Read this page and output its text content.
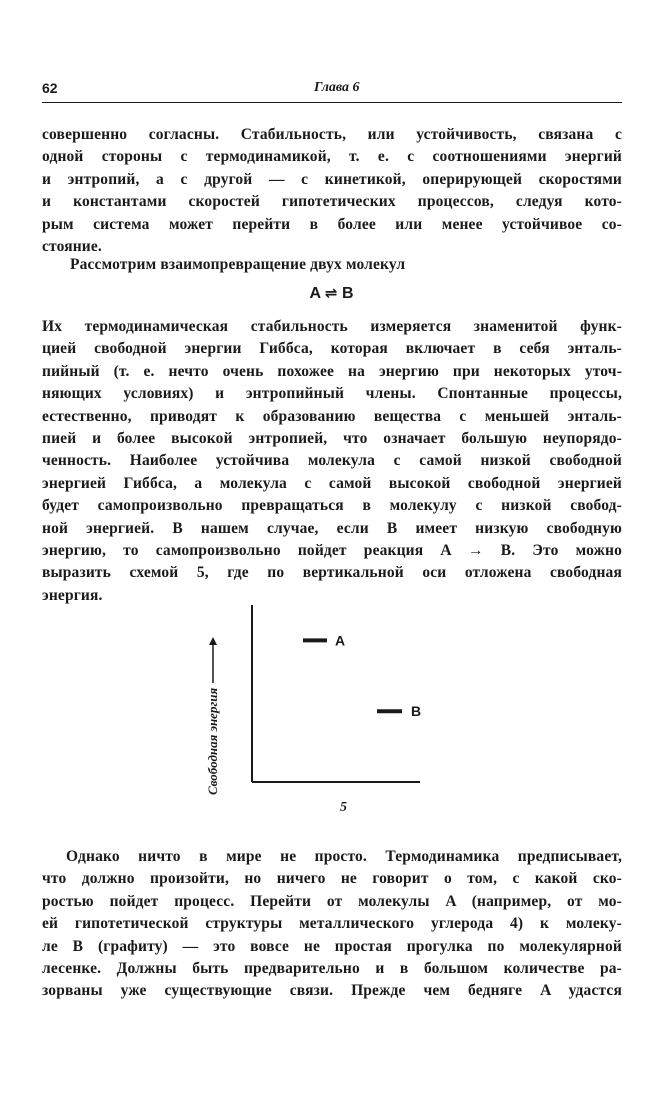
62	Глава 6
совершенно согласны. Стабильность, или устойчивость, связана с
одной стороны с термодинамикой, т. е. с соотношениями энергий
и энтропий, а с другой — с кинетикой, оперирующей скоростями
и константами скоростей гипотетических процессов, следуя кото-
рым система может перейти в более или менее устойчивое со-
стояние.
Рассмотрим взаимопревращение двух молекул
A ⇌ B
Их термодинамическая стабильность измеряется знаменитой функ-
цией свободной энергии Гиббса, которая включает в себя энталь-
пийный (т. е. нечто очень похожее на энергию при некоторых уточ-
няющих условиях) и энтропийный члены. Спонтанные процессы,
естественно, приводят к образованию вещества с меньшей энталь-
пией и более высокой энтропией, что означает большую неупорядо-
ченность. Наиболее устойчива молекула с самой низкой свободной
энергией Гиббса, а молекула с самой высокой свободной энергией
будет самопроизвольно превращаться в молекулу с низкой свобод-
ной энергией. В нашем случае, если B имеет низкую свободную
энергию, то самопроизвольно пойдет реакция A → B. Это можно
выразить схемой 5, где по вертикальной оси отложена свободная
энергия.
Свободная энергия
A
B
5
Однако ничто в мире не просто. Термодинамика предписывает,
что должно произойти, но ничего не говорит о том, с какой ско-
ростью пойдет процесс. Перейти от молекулы A (например, от мо-
ей гипотетической структуры металлического углерода 4) к молеку-
ле B (графиту) — это вовсе не простая прогулка по молекулярной
лесенке. Должны быть предварительно и в большом количестве ра-
зорваны уже существующие связи. Прежде чем бедняге A удастся
